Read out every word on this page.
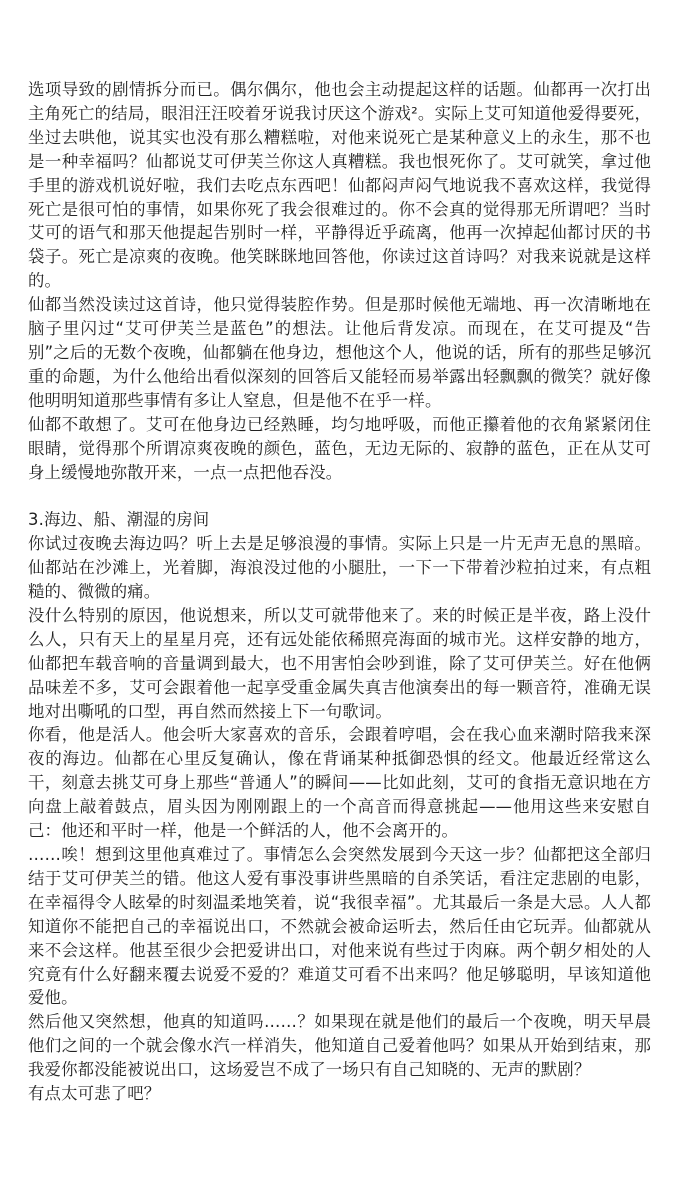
选项导致的剧情拆分而已。偶尔偶尔，他也会主动提起这样的话题。仙都再一次打出主角死亡的结局，眼泪汪汪咬着牙说我讨厌这个游戏²。实际上艾可知道他爱得要死，坐过去哄他，说其实也没有那么糟糕啦，对他来说死亡是某种意义上的永生，那不也是一种幸福吗？仙都说艾可伊芙兰你这人真糟糕。我也恨死你了。艾可就笑，拿过他手里的游戏机说好啦，我们去吃点东西吧！仙都闷声闷气地说我不喜欢这样，我觉得死亡是很可怕的事情，如果你死了我会很难过的。你不会真的觉得那无所谓吧？当时艾可的语气和那天他提起告别时一样，平静得近乎疏离，他再一次掉起仙都讨厌的书袋子。死亡是凉爽的夜晚。他笑眯眯地回答他，你读过这首诗吗？对我来说就是这样的。

仙都当然没读过这首诗，他只觉得装腔作势。但是那时候他无端地、再一次清晰地在脑子里闪过“艾可伊芙兰是蓝色”的想法。让他后背发凉。而现在，在艾可提及“告别”之后的无数个夜晚，仙都躺在他身边，想他这个人，他说的话，所有的那些足够沉重的命题，为什么他给出看似深刻的回答后又能轻而易举露出轻飘飘的微笑？就好像他明明知道那些事情有多让人窒息，但是他不在乎一样。

仙都不敢想了。艾可在他身边已经熟睡，均匀地呼吸，而他正攥着他的衣角紧紧闭住眼睛，觉得那个所谓凉爽夜晚的颜色，蓝色，无边无际的、寂静的蓝色，正在从艾可身上缓慢地弥散开来，一点一点把他吞没。

3.海边、船、潮湿的房间

你试过夜晚去海边吗？听上去是足够浪漫的事情。实际上只是一片无声无息的黑暗。仙都站在沙滩上，光着脚，海浪没过他的小腿肚，一下一下带着沙粒拍过来，有点粗糙的、微微的痛。

没什么特别的原因，他说想来，所以艾可就带他来了。来的时候正是半夜，路上没什么人，只有天上的星星月亮，还有远处能依稀照亮海面的城市光。这样安静的地方，仙都把车载音响的音量调到最大，也不用害怕会吵到谁，除了艾可伊芙兰。好在他俩品味差不多，艾可会跟着他一起享受重金属失真吉他演奏出的每一颗音符，准确无误地对出嘶吼的口型，再自然而然接上下一句歌词。

你看，他是活人。他会听大家喜欢的音乐，会跟着哼唱，会在我心血来潮时陪我来深夜的海边。仙都在心里反复确认，像在背诵某种抵御恐惧的经文。他最近经常这么干，刻意去挑艾可身上那些“普通人”的瞬间——比如此刻，艾可的食指无意识地在方向盘上敲着鼓点，眉头因为刚刚跟上的一个高音而得意挑起——他用这些来安慰自己：他还和平时一样，他是一个鲜活的人，他不会离开的。

……唉！想到这里他真难过了。事情怎么会突然发展到今天这一步？仙都把这全部归结于艾可伊芙兰的错。他这人爱有事没事讲些黑暗的自杀笑话，看注定悲剧的电影，在幸福得令人眩晕的时刻温柔地笑着，说“我很幸福”。尤其最后一条是大忌。人人都知道你不能把自己的幸福说出口，不然就会被命运听去，然后任由它玩弄。仙都就从来不会这样。他甚至很少会把爱讲出口，对他来说有些过于肉麻。两个朝夕相处的人究竟有什么好翻来覆去说爱不爱的？难道艾可看不出来吗？他足够聪明，早该知道他爱他。

然后他又突然想，他真的知道吗……？如果现在就是他们的最后一个夜晚，明天早晨他们之间的一个就会像水汽一样消失，他知道自己爱着他吗？如果从开始到结束，那我爱你都没能被说出口，这场爱岂不成了一场只有自己知晓的、无声的默剧？

有点太可悲了吧？
